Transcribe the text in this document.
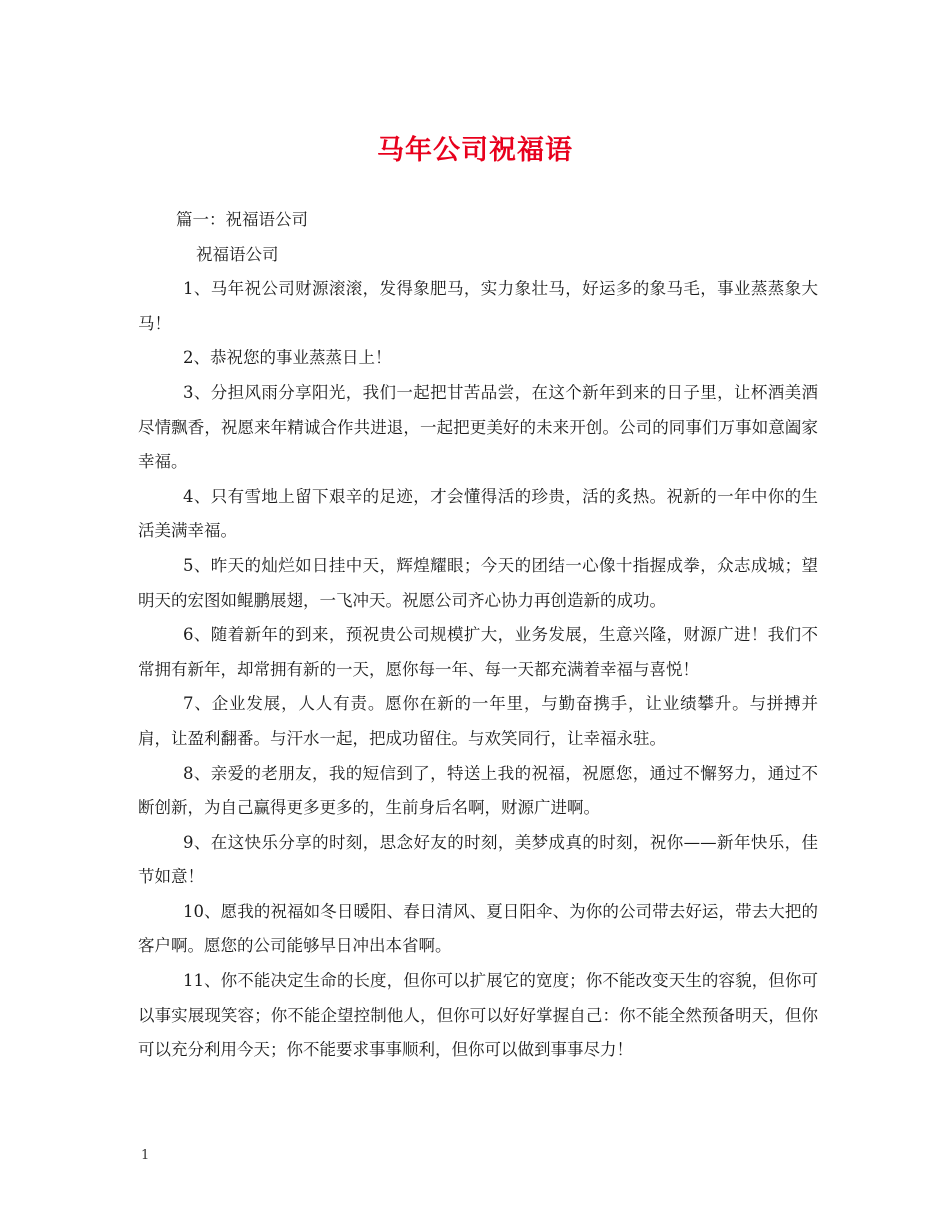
马年公司祝福语

篇一：祝福语公司

祝福语公司

1、马年祝公司财源滚滚，发得象肥马，实力象壮马，好运多的象马毛，事业蒸蒸象大马！

2、恭祝您的事业蒸蒸日上！

3、分担风雨分享阳光，我们一起把甘苦品尝，在这个新年到来的日子里，让杯酒美酒尽情飘香，祝愿来年精诚合作共进退，一起把更美好的未来开创。公司的同事们万事如意阖家幸福。

4、只有雪地上留下艰辛的足迹，才会懂得活的珍贵，活的炙热。祝新的一年中你的生活美满幸福。

5、昨天的灿烂如日挂中天，辉煌耀眼；今天的团结一心像十指握成拳，众志成城；望明天的宏图如鲲鹏展翅，一飞冲天。祝愿公司齐心协力再创造新的成功。

6、随着新年的到来，预祝贵公司规模扩大，业务发展，生意兴隆，财源广进！我们不常拥有新年，却常拥有新的一天，愿你每一年、每一天都充满着幸福与喜悦！

7、企业发展，人人有责。愿你在新的一年里，与勤奋携手，让业绩攀升。与拼搏并肩，让盈利翻番。与汗水一起，把成功留住。与欢笑同行，让幸福永驻。

8、亲爱的老朋友，我的短信到了，特送上我的祝福，祝愿您，通过不懈努力，通过不断创新，为自己赢得更多更多的，生前身后名啊，财源广进啊。

9、在这快乐分享的时刻，思念好友的时刻，美梦成真的时刻，祝你——新年快乐，佳节如意！

10、愿我的祝福如冬日暖阳、春日清风、夏日阳伞、为你的公司带去好运，带去大把的客户啊。愿您的公司能够早日冲出本省啊。

11、你不能决定生命的长度，但你可以扩展它的宽度；你不能改变天生的容貌，但你可以事实展现笑容；你不能企望控制他人，但你可以好好掌握自己：你不能全然预备明天，但你可以充分利用今天；你不能要求事事顺利，但你可以做到事事尽力！

1
